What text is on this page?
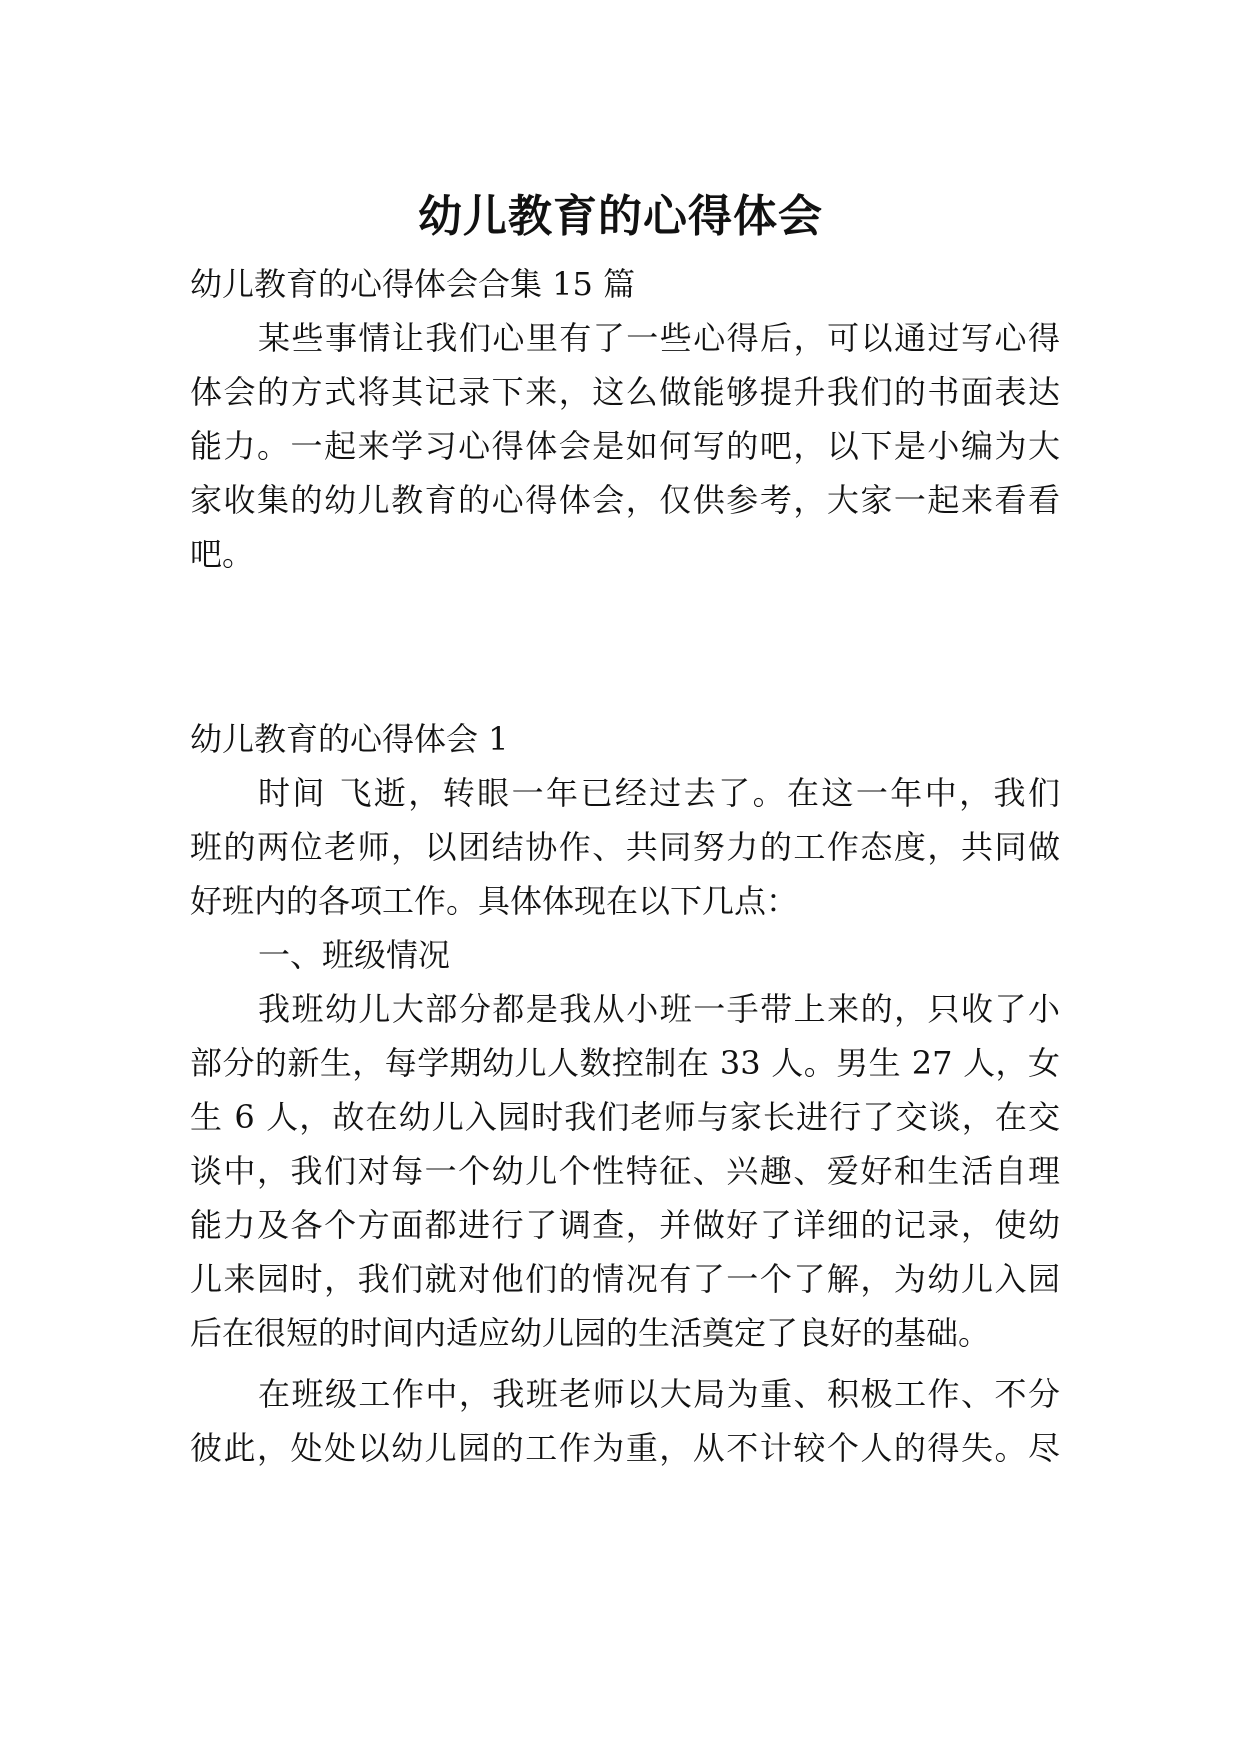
幼儿教育的心得体会

幼儿教育的心得体会合集 15 篇

某些事情让我们心里有了一些心得后，可以通过写心得

体会的方式将其记录下来，这么做能够提升我们的书面表达

能力。一起来学习心得体会是如何写的吧，以下是小编为大

家收集的幼儿教育的心得体会，仅供参考，大家一起来看看

吧。

幼儿教育的心得体会 1

时间 飞逝，转眼一年已经过去了。在这一年中，我们

班的两位老师，以团结协作、共同努力的工作态度，共同做

好班内的各项工作。具体体现在以下几点：

一、班级情况

我班幼儿大部分都是我从小班一手带上来的，只收了小

部分的新生，每学期幼儿人数控制在 33 人。男生 27 人，女

生 6 人，故在幼儿入园时我们老师与家长进行了交谈，在交

谈中，我们对每一个幼儿个性特征、兴趣、爱好和生活自理

能力及各个方面都进行了调查，并做好了详细的记录，使幼

儿来园时，我们就对他们的情况有了一个了解，为幼儿入园

后在很短的时间内适应幼儿园的生活奠定了良好的基础。

在班级工作中，我班老师以大局为重、积极工作、不分

彼此，处处以幼儿园的工作为重，从不计较个人的得失。尽
